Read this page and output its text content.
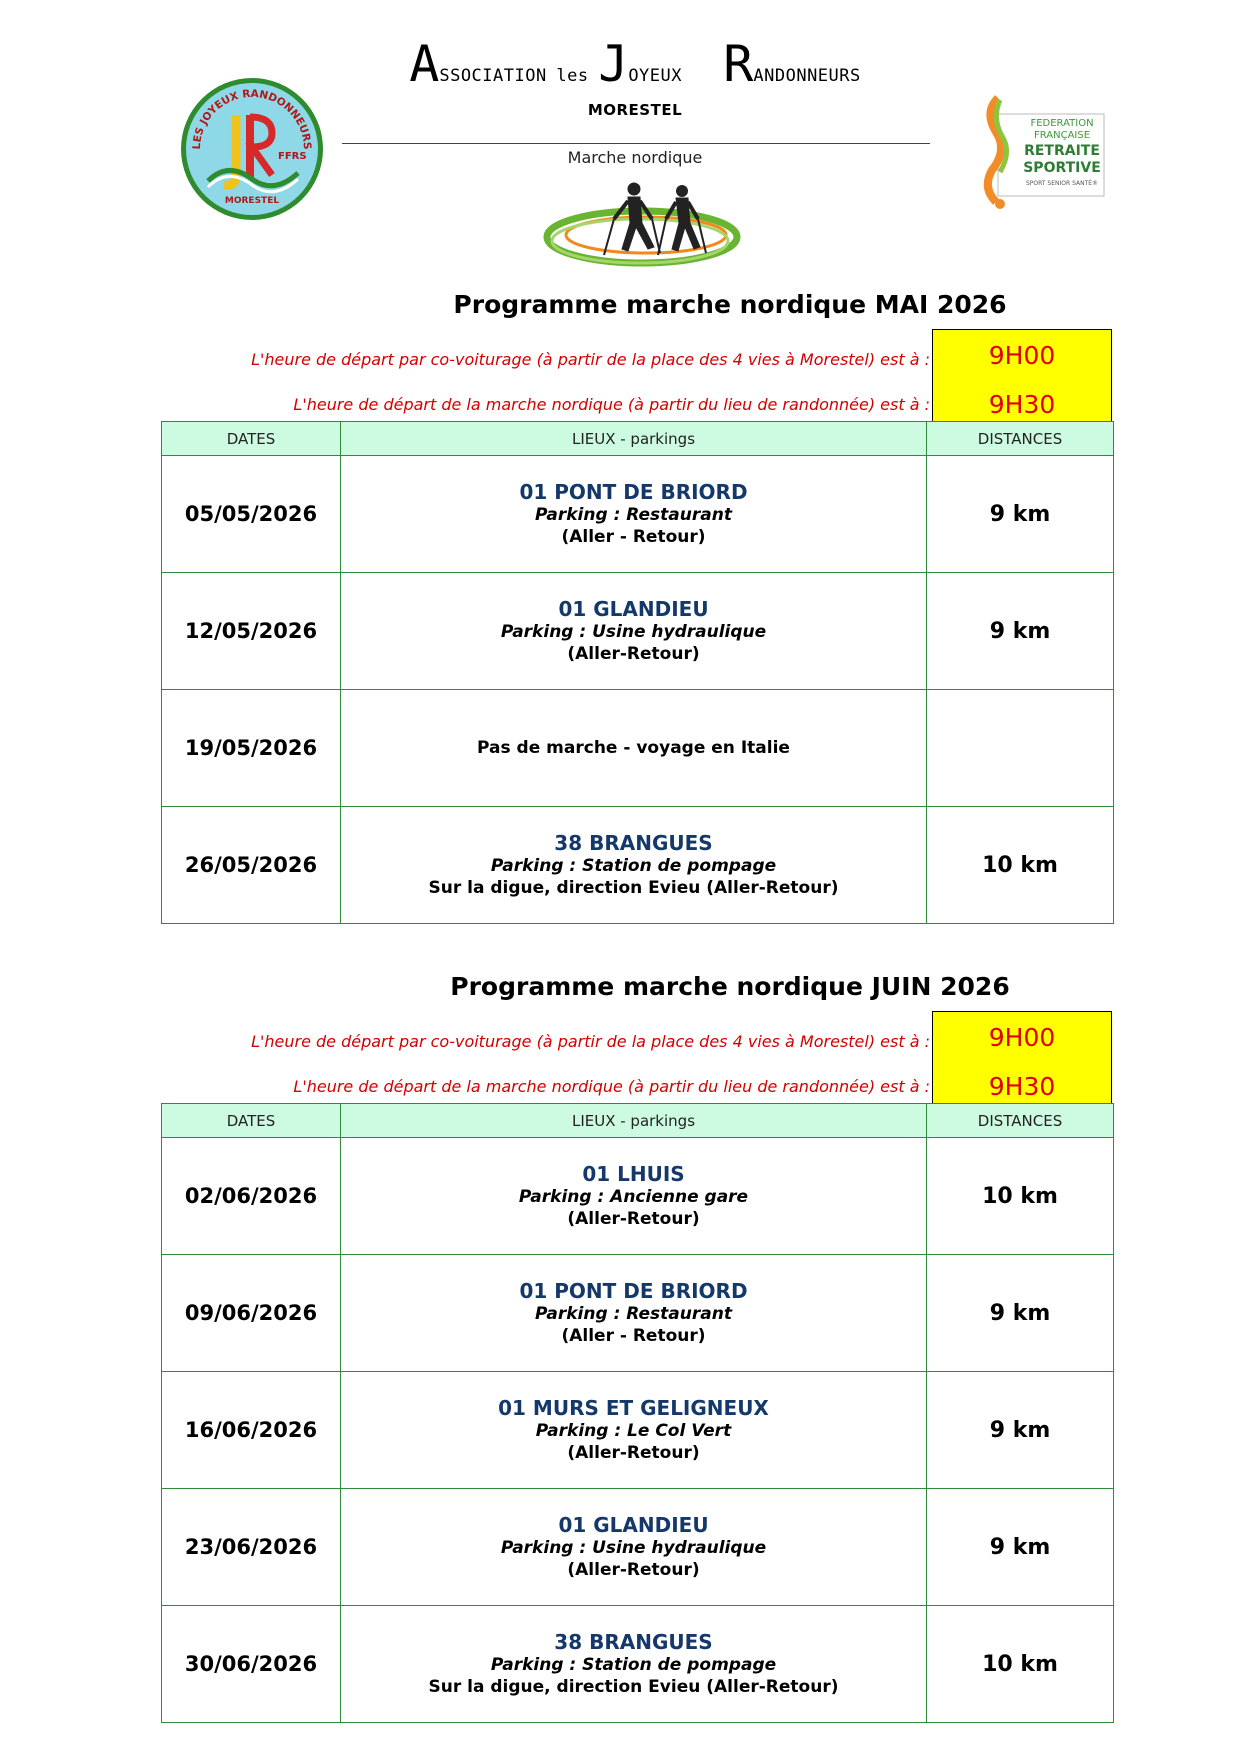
LES JOYEUX RANDONNEURS
FFRS
MORESTEL
ASSOCIATION les JOYEUX RANDONNEURS
MORESTEL
Marche nordique
FEDERATION
FRANÇAISE
RETRAITE
SPORTIVE
SPORT SENIOR SANTÉ®
Programme marche nordique MAI 2026
L'heure de départ par co-voiturage (à partir de la place des 4 vies à Morestel) est à :	9H00
L'heure de départ de la marche nordique (à partir du lieu de randonnée) est à :	9H30
DATES	LIEUX - parkings	DISTANCES
05/05/2026	01 PONT DE BRIORD
Parking : Restaurant
(Aller - Retour)	9 km
12/05/2026	01 GLANDIEU
Parking : Usine hydraulique
(Aller-Retour)	9 km
19/05/2026	Pas de marche - voyage en Italie	

26/05/2026	38 BRANGUES
Parking : Station de pompage
Sur la digue, direction Evieu (Aller-Retour)	10 km
Programme marche nordique JUIN 2026
L'heure de départ par co-voiturage (à partir de la place des 4 vies à Morestel) est à :	9H00
L'heure de départ de la marche nordique (à partir du lieu de randonnée) est à :	9H30
DATES	LIEUX - parkings	DISTANCES
02/06/2026	01 LHUIS
Parking : Ancienne gare
(Aller-Retour)	10 km
09/06/2026	01 PONT DE BRIORD
Parking : Restaurant
(Aller - Retour)	9 km
16/06/2026	01 MURS ET GELIGNEUX
Parking : Le Col Vert
(Aller-Retour)	9 km
23/06/2026	01 GLANDIEU
Parking : Usine hydraulique
(Aller-Retour)	9 km
30/06/2026	38 BRANGUES
Parking : Station de pompage
Sur la digue, direction Evieu (Aller-Retour)	10 km
